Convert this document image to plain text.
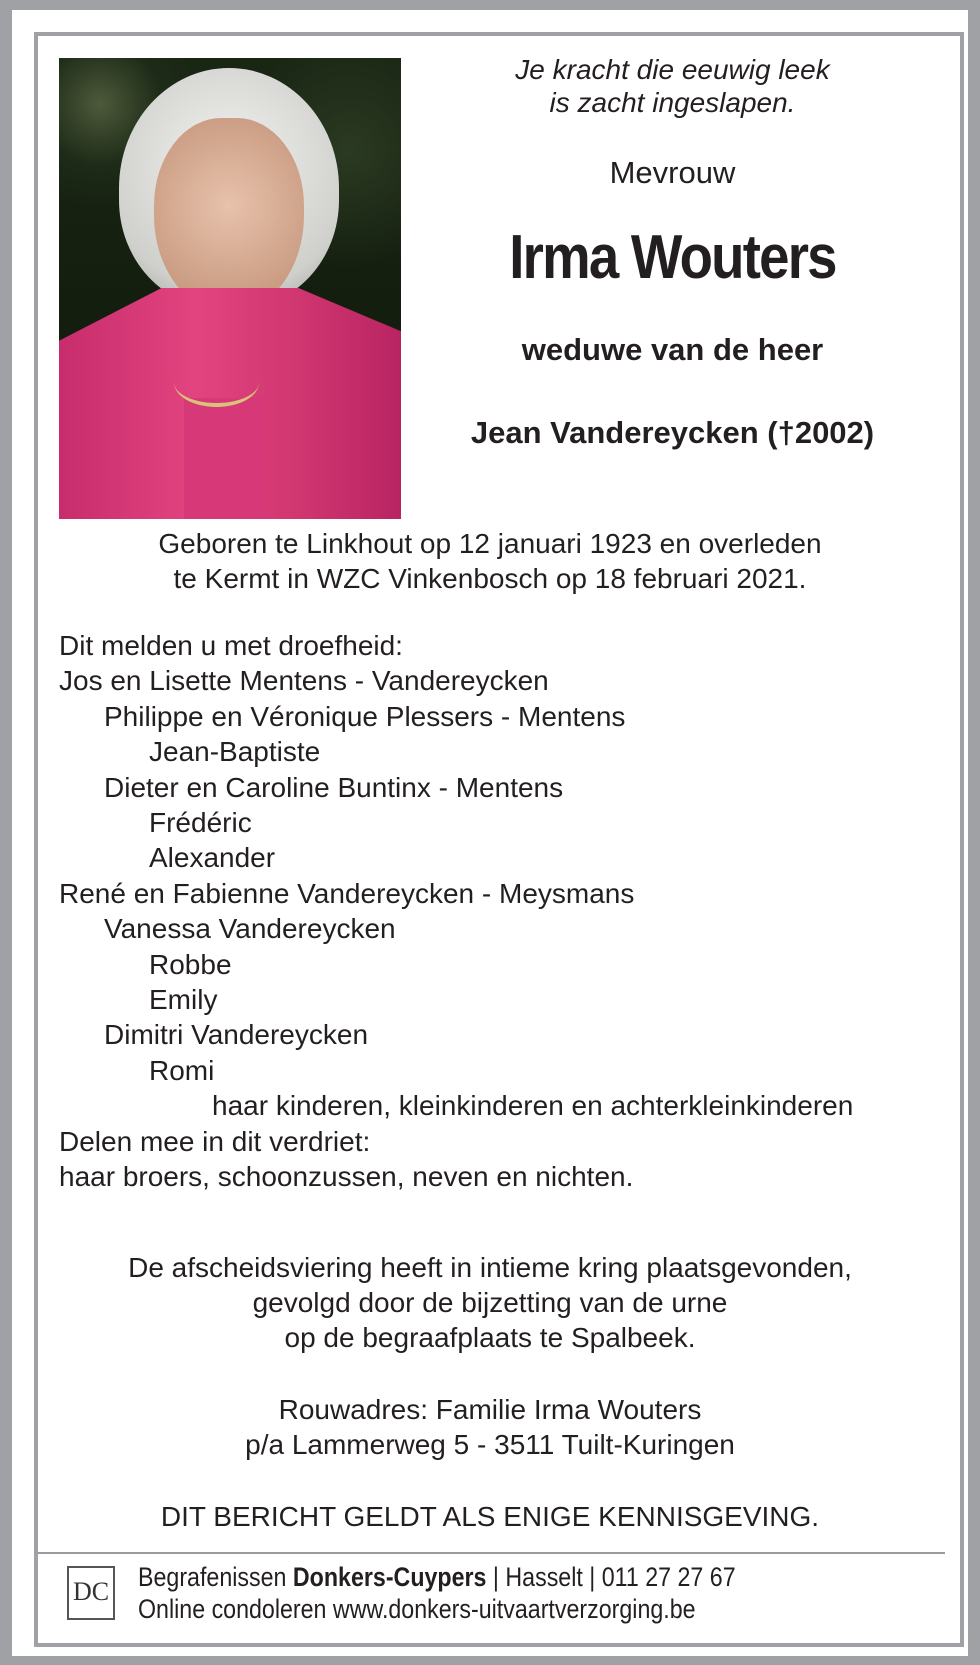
Je kracht die eeuwig leek
is zacht ingeslapen.
Mevrouw
Irma Wouters
weduwe van de heer
Jean Vandereycken (†2002)
Geboren te Linkhout op 12 januari 1923 en overleden
te Kermt in WZC Vinkenbosch op 18 februari 2021.
Dit melden u met droefheid:
Jos en Lisette Mentens - Vandereycken
Philippe en Véronique Plessers - Mentens
Jean-Baptiste
Dieter en Caroline Buntinx - Mentens
Frédéric
Alexander
René en Fabienne Vandereycken - Meysmans
Vanessa Vandereycken
Robbe
Emily
Dimitri Vandereycken
Romi
haar kinderen, kleinkinderen en achterkleinkinderen
Delen mee in dit verdriet:
haar broers, schoonzussen, neven en nichten.
De afscheidsviering heeft in intieme kring plaatsgevonden,
gevolgd door de bijzetting van de urne
op de begraafplaats te Spalbeek.
Rouwadres: Familie Irma Wouters
p/a Lammerweg 5 - 3511 Tuilt-Kuringen
DIT BERICHT GELDT ALS ENIGE KENNISGEVING.
DC Begrafenissen Donkers-Cuypers | Hasselt | 011 27 27 67
Online condoleren www.donkers-uitvaartverzorging.be
